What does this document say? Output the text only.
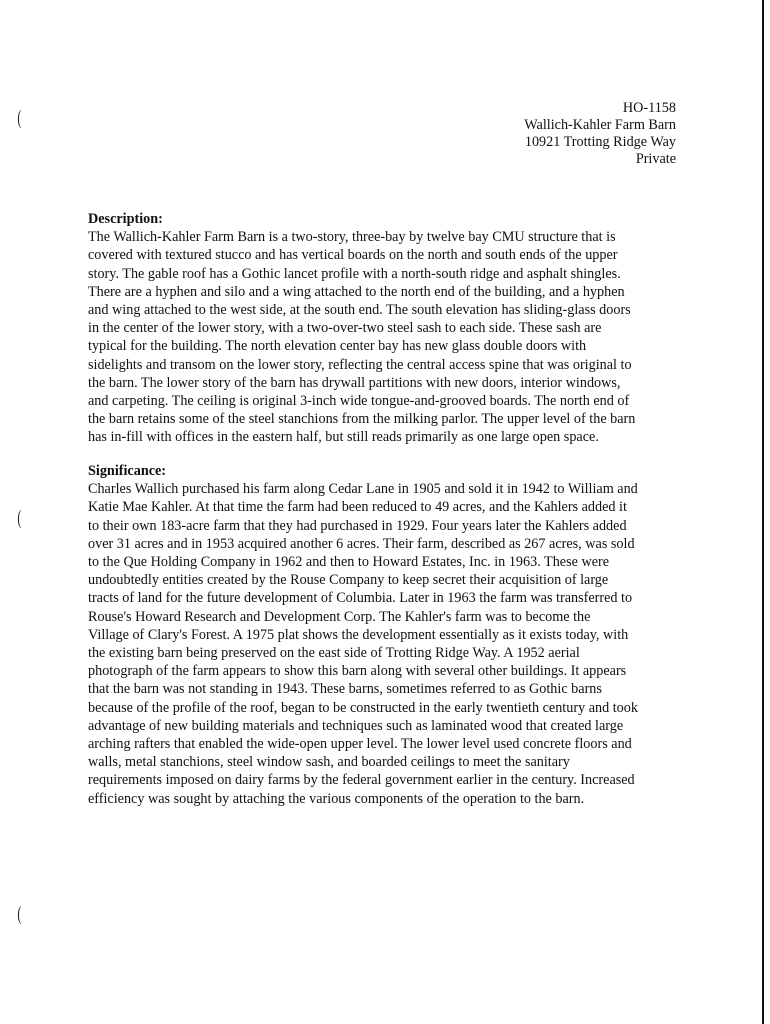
(
(
(
HO-1158
Wallich-Kahler Farm Barn
10921 Trotting Ridge Way
Private
Description:
The Wallich-Kahler Farm Barn is a two-story, three-bay by twelve bay CMU structure that is
covered with textured stucco and has vertical boards on the north and south ends of the upper
story. The gable roof has a Gothic lancet profile with a north-south ridge and asphalt shingles.
There are a hyphen and silo and a wing attached to the north end of the building, and a hyphen
and wing attached to the west side, at the south end. The south elevation has sliding-glass doors
in the center of the lower story, with a two-over-two steel sash to each side. These sash are
typical for the building. The north elevation center bay has new glass double doors with
sidelights and transom on the lower story, reflecting the central access spine that was original to
the barn. The lower story of the barn has drywall partitions with new doors, interior windows,
and carpeting. The ceiling is original 3-inch wide tongue-and-grooved boards. The north end of
the barn retains some of the steel stanchions from the milking parlor. The upper level of the barn
has in-fill with offices in the eastern half, but still reads primarily as one large open space.
Significance:
Charles Wallich purchased his farm along Cedar Lane in 1905 and sold it in 1942 to William and
Katie Mae Kahler. At that time the farm had been reduced to 49 acres, and the Kahlers added it
to their own 183-acre farm that they had purchased in 1929. Four years later the Kahlers added
over 31 acres and in 1953 acquired another 6 acres. Their farm, described as 267 acres, was sold
to the Que Holding Company in 1962 and then to Howard Estates, Inc. in 1963. These were
undoubtedly entities created by the Rouse Company to keep secret their acquisition of large
tracts of land for the future development of Columbia. Later in 1963 the farm was transferred to
Rouse's Howard Research and Development Corp. The Kahler's farm was to become the
Village of Clary's Forest. A 1975 plat shows the development essentially as it exists today, with
the existing barn being preserved on the east side of Trotting Ridge Way. A 1952 aerial
photograph of the farm appears to show this barn along with several other buildings. It appears
that the barn was not standing in 1943. These barns, sometimes referred to as Gothic barns
because of the profile of the roof, began to be constructed in the early twentieth century and took
advantage of new building materials and techniques such as laminated wood that created large
arching rafters that enabled the wide-open upper level. The lower level used concrete floors and
walls, metal stanchions, steel window sash, and boarded ceilings to meet the sanitary
requirements imposed on dairy farms by the federal government earlier in the century. Increased
efficiency was sought by attaching the various components of the operation to the barn.
